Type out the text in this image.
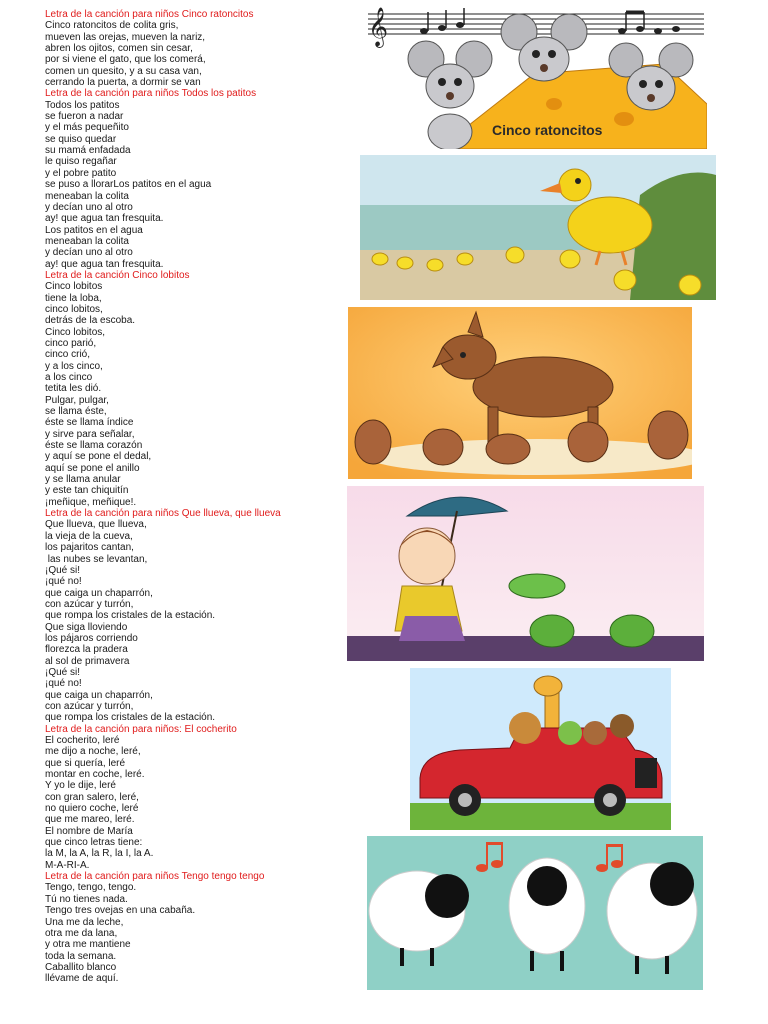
Letra de la canción para niños Cinco ratoncitos
Cinco ratoncitos de colita gris,
mueven las orejas, mueven la nariz,
abren los ojitos, comen sin cesar,
por si viene el gato, que los comerá,
comen un quesito, y a su casa van,
cerrando la puerta, a dormir se van
Letra de la canción para niños Todos los patitos
Todos los patitos
se fueron a nadar
y el más pequeñito
se quiso quedar
su mamá enfadada
le quiso regañar
y el pobre patito
se puso a llorarLos patitos en el agua
meneaban la colita
y decían uno al otro
ay! que agua tan fresquita.
Los patitos en el agua
meneaban la colita
y decían uno al otro
ay! que agua tan fresquita.
Letra de la canción Cinco lobitos
Cinco lobitos
tiene la loba,
cinco lobitos,
detrás de la escoba.
Cinco lobitos,
cinco parió,
cinco crió,
y a los cinco,
a los cinco
tetita les dió.
Pulgar, pulgar,
se llama éste,
éste se llama índice
y sirve para señalar,
éste se llama corazón
y aquí se pone el dedal,
aquí se pone el anillo
y se llama anular
y este tan chiquitín
¡meñique, meñique!.
Letra de la canción para niños Que llueva, que llueva
Que llueva, que llueva,
la vieja de la cueva,
los pajaritos cantan,
las nubes se levantan,
¡Qué si!
¡qué no!
que caiga un chaparrón,
con azúcar y turrón,
que rompa los cristales de la estación.
Que siga lloviendo
los pájaros corriendo
florezca la pradera
al sol de primavera
¡Qué si!
¡qué no!
que caiga un chaparrón,
con azúcar y turrón,
que rompa los cristales de la estación.
Letra de la canción para niños: El cocherito
El cocherito, leré
me dijo a noche, leré,
que si quería, leré
montar en coche, leré.
Y yo le dije, leré
con gran salero, leré,
no quiero coche, leré
que me mareo, leré.
El nombre de María
que cinco letras tiene:
la M, la A, la R, la I, la A.
M-A-RI-A.
Letra de la canción para niños Tengo tengo tengo
Tengo, tengo, tengo.
Tú no tienes nada.
Tengo tres ovejas en una cabaña.
Una me da leche,
otra me da lana,
y otra me mantiene
toda la semana.
Caballito blanco
llévame de aquí.
𝄞
Cinco ratoncitos
